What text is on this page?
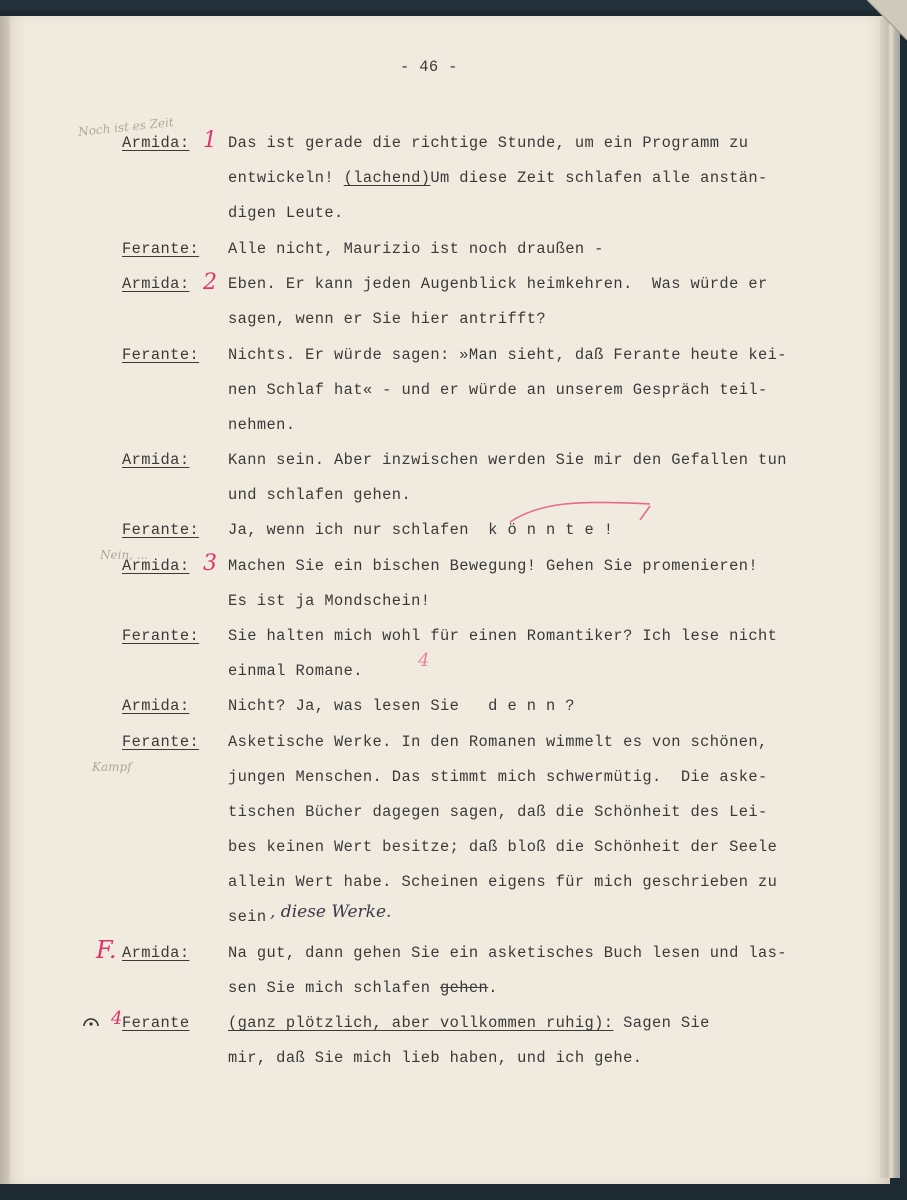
- 46 -
Armida:	Das ist gerade die richtige Stunde, um ein Programm zu
entwickeln! (lachend)Um diese Zeit schlafen alle anstän-
digen Leute.
Ferante: Alle nicht, Maurizio ist noch draußen -
Armida:	Eben. Er kann jeden Augenblick heimkehren.  Was würde er
sagen, wenn er Sie hier antrifft?
Ferante: Nichts. Er würde sagen: »Man sieht, daß Ferante heute kei-
nen Schlaf hat« - und er würde an unserem Gespräch teil-
nehmen.
Armida:	Kann sein. Aber inzwischen werden Sie mir den Gefallen tun
und schlafen gehen.
Ferante: Ja, wenn ich nur schlafen  k ö n n t e !
Armida:	Machen Sie ein bischen Bewegung! Gehen Sie promenieren!
Es ist ja Mondschein!
Ferante: Sie halten mich wohl für einen Romantiker? Ich lese nicht
einmal Romane.
Armida:	Nicht? Ja, was lesen Sie   d e n n ?
Ferante: Asketische Werke. In den Romanen wimmelt es von schönen,
jungen Menschen. Das stimmt mich schwermütig.  Die aske-
tischen Bücher dagegen sagen, daß die Schönheit des Lei-
bes keinen Wert besitze; daß bloß die Schönheit der Seele
allein Wert habe. Scheinen eigens für mich geschrieben zu
sein , diese Werke.
Armida:	Na gut, dann gehen Sie ein asketisches Buch lesen und las-
sen Sie mich schlafen gehen.
Ferante	(ganz plötzlich, aber vollkommen ruhig): Sagen Sie
mir, daß Sie mich lieb haben, und ich gehe.
1
2
3
4
F.
4
Noch ist es Zeit
Nein, ...
Kampf
